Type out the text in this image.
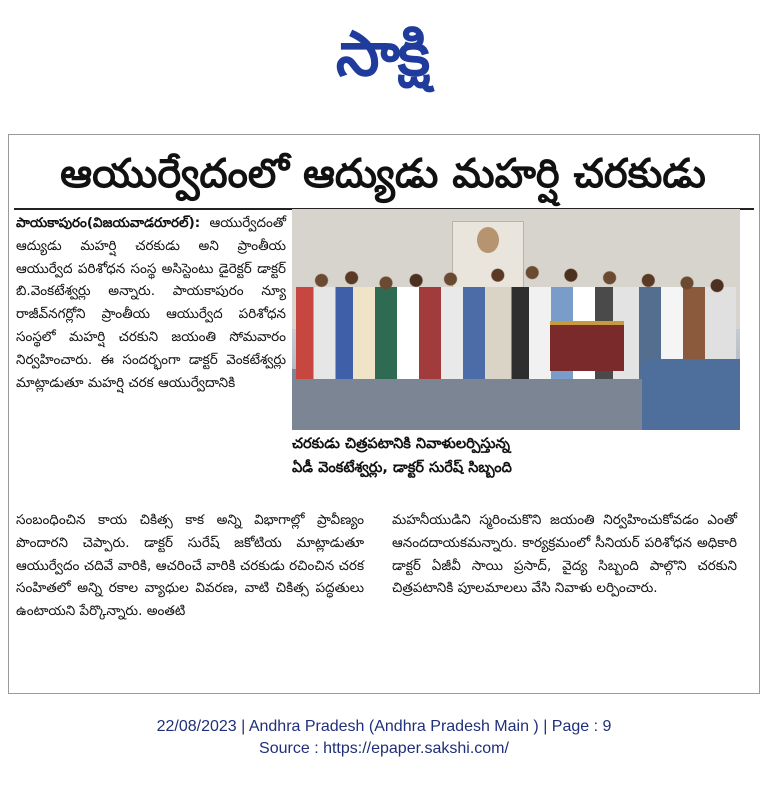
సాక్షి
ఆయుర్వేదంలో ఆద్యుడు మహర్షి చరకుడు
పాయకాపురం(విజయవాడరూరల్): ఆయుర్వేదంతో ఆద్యుడు మహర్షి చరకుడు అని ప్రాంతీయ ఆయుర్వేద పరిశోధన సంస్థ అసిస్టెంటు డైరెక్టర్ డాక్టర్ బి.వెంకటేశ్వర్లు అన్నారు. పాయకాపురం న్యూ రాజీవ్‌నగర్లోని ప్రాంతీయ ఆయుర్వేద పరిశోధన సంస్థలో మహర్షి చరకుని జయంతి సోమవారం నిర్వహించారు. ఈ సందర్భంగా డాక్టర్ వెంకటేశ్వర్లు మాట్లాడుతూ మహర్షి చరక ఆయుర్వేదానికి
చరకుడు చిత్రపటానికి నివాళులర్పిస్తున్న
ఏడీ వెంకటేశ్వర్లు, డాక్టర్ సురేష్ సిబ్బంది
సంబంధించిన కాయ చికిత్స కాక అన్ని విభాగాల్లో ప్రావీణ్యం పొందారని చెప్పారు. డాక్టర్ సురేష్ జకోటియ మాట్లాడుతూ ఆయుర్వేదం చదివే వారికి, ఆచరించే వారికి చరకుడు రచించిన చరక సంహితలో అన్ని రకాల వ్యాధుల వివరణ, వాటి చికిత్స పద్ధతులు ఉంటాయని పేర్కొన్నారు. అంతటి
మహనీయుడిని స్మరించుకొని జయంతి నిర్వహించుకోవడం ఎంతో ఆనందదాయకమన్నారు. కార్యక్రమంలో సీనియర్ పరిశోధన అధికారి డాక్టర్ ఏజీవీ సాయి ప్రసాద్, వైద్య సిబ్బంది పాల్గొని చరకుని చిత్రపటానికి పూలమాలలు వేసి నివాళు లర్పించారు.
22/08/2023 | Andhra Pradesh (Andhra Pradesh Main ) | Page : 9
Source : https://epaper.sakshi.com/
